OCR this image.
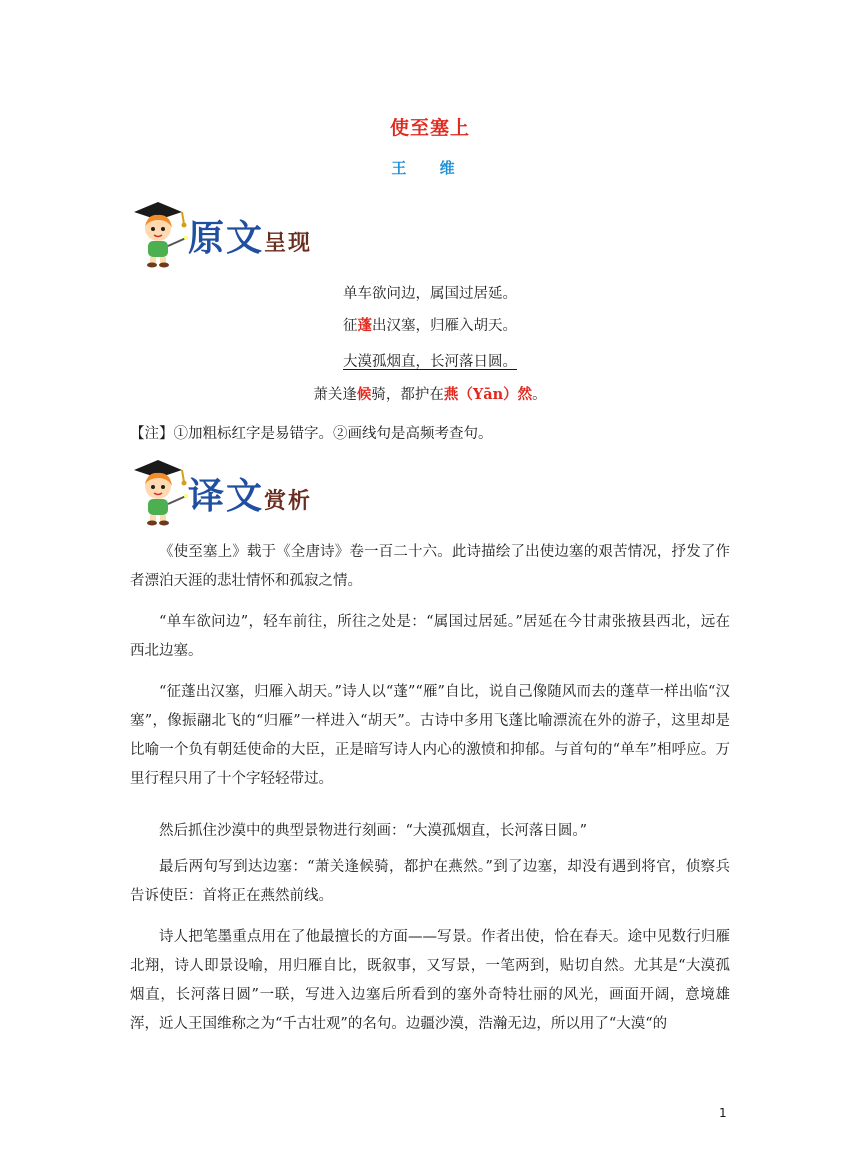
使至塞上
王 维
原文呈现
单车欲问边，属国过居延。
征蓬出汉塞，归雁入胡天。
大漠孤烟直，长河落日圆。
萧关逢候骑，都护在燕（Yān）然。
【注】①加粗标红字是易错字。②画线句是高频考查句。
译文赏析
《使至塞上》载于《全唐诗》卷一百二十六。此诗描绘了出使边塞的艰苦情况，抒发了作者漂泊天涯的悲壮情怀和孤寂之情。
“单车欲问边”，轻车前往，所往之处是：“属国过居延。”居延在今甘肃张掖县西北，远在西北边塞。
“征蓬出汉塞，归雁入胡天。”诗人以“蓬”“雁”自比，说自己像随风而去的蓬草一样出临“汉塞”，像振翮北飞的“归雁”一样进入“胡天”。古诗中多用飞蓬比喻漂流在外的游子，这里却是比喻一个负有朝廷使命的大臣，正是暗写诗人内心的激愤和抑郁。与首句的“单车”相呼应。万里行程只用了十个字轻轻带过。
然后抓住沙漠中的典型景物进行刻画：“大漠孤烟直，长河落日圆。”
最后两句写到达边塞：“萧关逢候骑，都护在燕然。”到了边塞，却没有遇到将官，侦察兵告诉使臣：首将正在燕然前线。
诗人把笔墨重点用在了他最擅长的方面——写景。作者出使，恰在春天。途中见数行归雁北翔，诗人即景设喻，用归雁自比，既叙事，又写景，一笔两到，贴切自然。尤其是“大漠孤烟直，长河落日圆”一联，写进入边塞后所看到的塞外奇特壮丽的风光，画面开阔，意境雄浑，近人王国维称之为“千古壮观”的名句。边疆沙漠，浩瀚无边，所以用了“大漠“的
1
